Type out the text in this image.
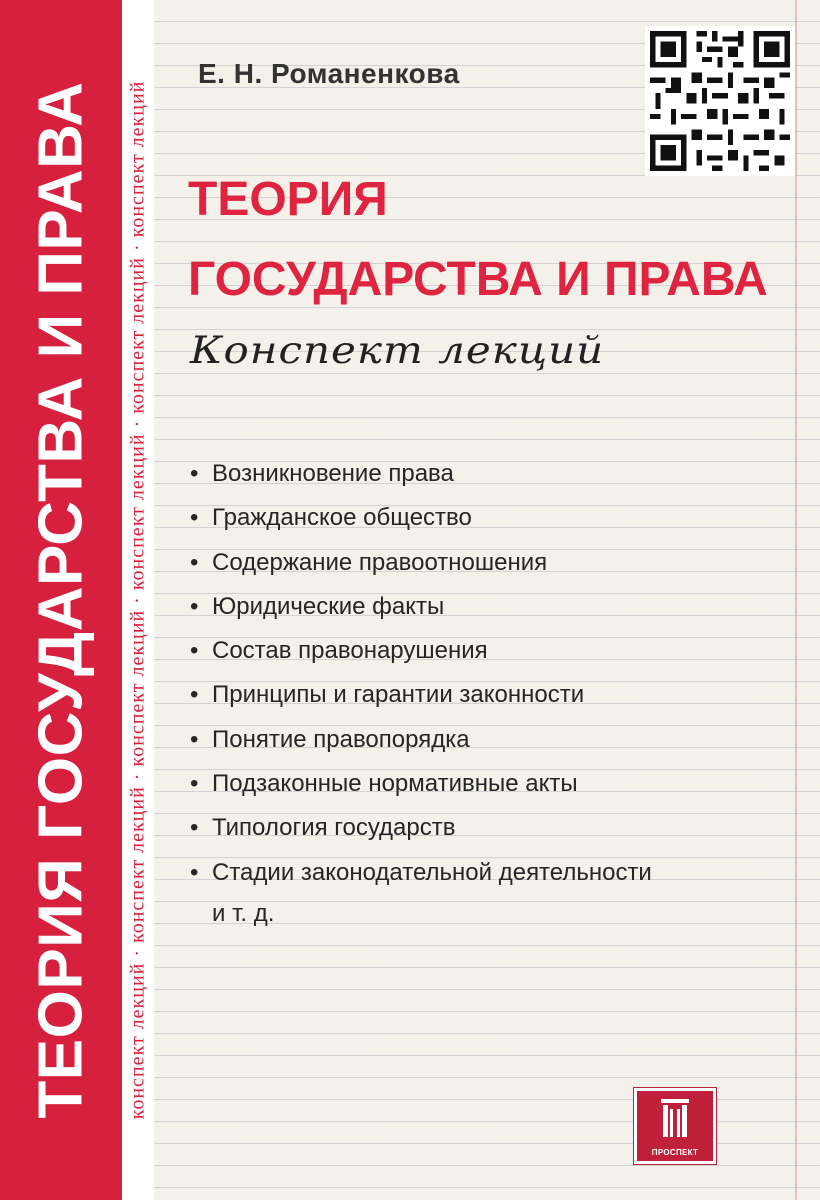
ТЕОРИЯ ГОСУДАРСТВА И ПРАВА конспект лекций · конспект лекций · конспект лекций · конспект лекций · конспект лекций · конспект лекций
Е. Н. Романенкова
ТЕОРИЯ
ГОСУДАРСТВА И ПРАВА
Конспект лекций
• Возникновение права
• Гражданское общество
• Содержание правоотношения
• Юридические факты
• Состав правонарушения
• Принципы и гарантии законности
• Понятие правопорядка
• Подзаконные нормативные акты
• Типология государств
• Стадии законодательной деятельности
и т. д.
ПРОСПЕКТ
